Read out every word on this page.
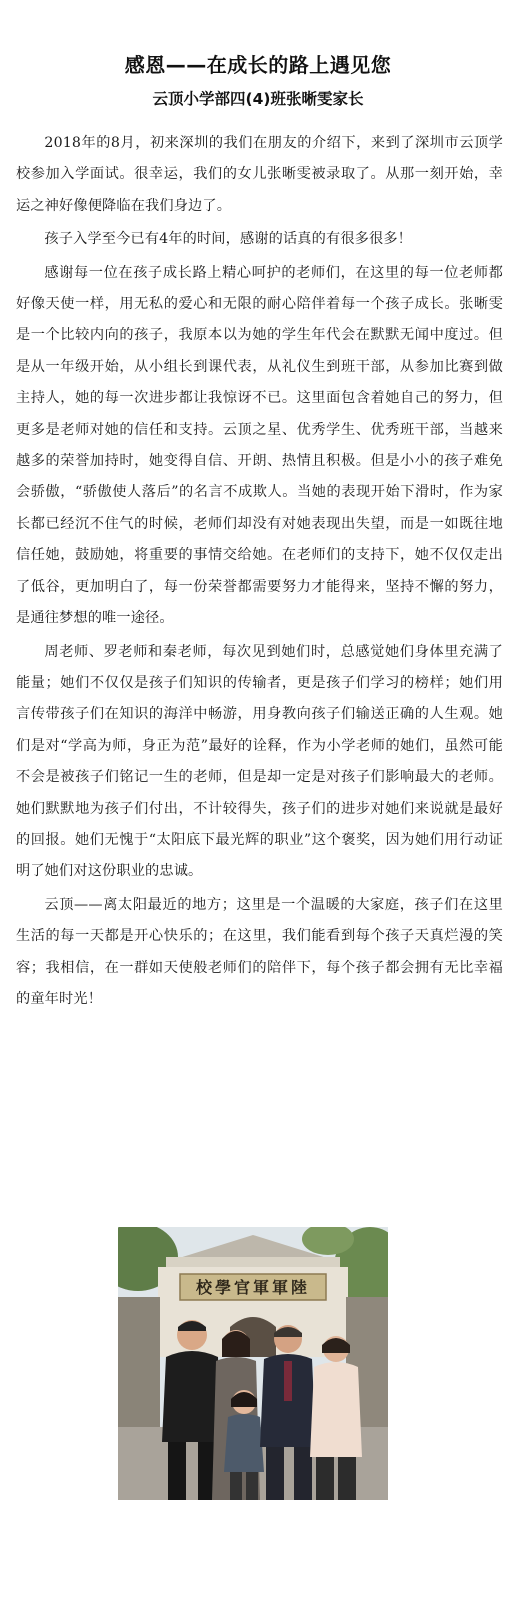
感恩——在成长的路上遇见您
云顶小学部四(4)班张晰雯家长

2018年的8月，初来深圳的我们在朋友的介绍下，来到了深圳市云顶学校参加入学面试。很幸运，我们的女儿张晰雯被录取了。从那一刻开始，幸运之神好像便降临在我们身边了。

孩子入学至今已有4年的时间，感谢的话真的有很多很多！

感谢每一位在孩子成长路上精心呵护的老师们，在这里的每一位老师都好像天使一样，用无私的爱心和无限的耐心陪伴着每一个孩子成长。张晰雯是一个比较内向的孩子，我原本以为她的学生年代会在默默无闻中度过。但是从一年级开始，从小组长到课代表，从礼仪生到班干部，从参加比赛到做主持人，她的每一次进步都让我惊讶不已。这里面包含着她自己的努力，但更多是老师对她的信任和支持。云顶之星、优秀学生、优秀班干部，当越来越多的荣誉加持时，她变得自信、开朗、热情且积极。但是小小的孩子难免会骄傲，“骄傲使人落后”的名言不成欺人。当她的表现开始下滑时，作为家长都已经沉不住气的时候，老师们却没有对她表现出失望，而是一如既往地信任她，鼓励她，将重要的事情交给她。在老师们的支持下，她不仅仅走出了低谷，更加明白了，每一份荣誉都需要努力才能得来，坚持不懈的努力，是通往梦想的唯一途径。

周老师、罗老师和秦老师，每次见到她们时，总感觉她们身体里充满了能量；她们不仅仅是孩子们知识的传输者，更是孩子们学习的榜样；她们用言传带孩子们在知识的海洋中畅游，用身教向孩子们输送正确的人生观。她们是对“学高为师，身正为范”最好的诠释，作为小学老师的她们，虽然可能不会是被孩子们铭记一生的老师，但是却一定是对孩子们影响最大的老师。她们默默地为孩子们付出，不计较得失，孩子们的进步对她们来说就是最好的回报。她们无愧于“太阳底下最光辉的职业”这个褒奖，因为她们用行动证明了她们对这份职业的忠诚。

云顶——离太阳最近的地方；这里是一个温暖的大家庭，孩子们在这里生活的每一天都是开心快乐的；在这里，我们能看到每个孩子天真烂漫的笑容；我相信，在一群如天使般老师们的陪伴下，每个孩子都会拥有无比幸福的童年时光！

校學官軍軍陸
